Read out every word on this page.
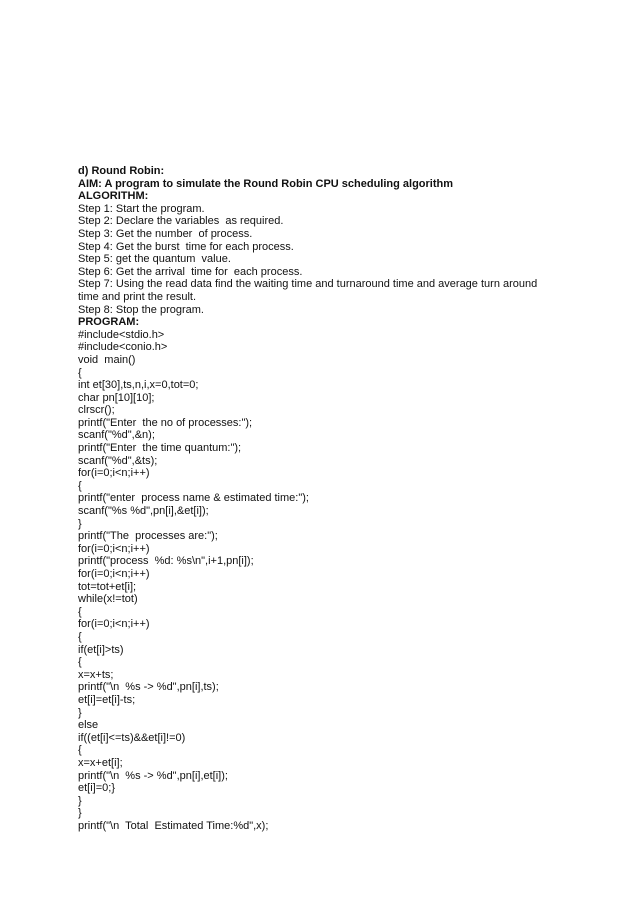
d) Round Robin:
AIM: A program to simulate the Round Robin CPU scheduling algorithm
ALGORITHM:
Step 1: Start the program.
Step 2: Declare the variables  as required.
Step 3: Get the number  of process.
Step 4: Get the burst  time for each process.
Step 5: get the quantum  value.
Step 6: Get the arrival  time for  each process.
Step 7: Using the read data find the waiting time and turnaround time and average turn around time and print the result.
Step 8: Stop the program.
PROGRAM:
#include<stdio.h>
#include<conio.h>
void  main()
{
int et[30],ts,n,i,x=0,tot=0;
char pn[10][10];
clrscr();
printf("Enter  the no of processes:");
scanf("%d",&n);
printf("Enter  the time quantum:");
scanf("%d",&ts);
for(i=0;i<n;i++)
{
printf("enter  process name & estimated time:");
scanf("%s %d",pn[i],&et[i]);
}
printf("The  processes are:");
for(i=0;i<n;i++)
printf("process  %d: %s\n",i+1,pn[i]);
for(i=0;i<n;i++)
tot=tot+et[i];
while(x!=tot)
{
for(i=0;i<n;i++)
{
if(et[i]>ts)
{
x=x+ts;
printf("\n  %s -> %d",pn[i],ts);
et[i]=et[i]-ts;
}
else
if((et[i]<=ts)&&et[i]!=0)
{
x=x+et[i];
printf("\n  %s -> %d",pn[i],et[i]);
et[i]=0;}
}
}
printf("\n  Total  Estimated Time:%d",x);
